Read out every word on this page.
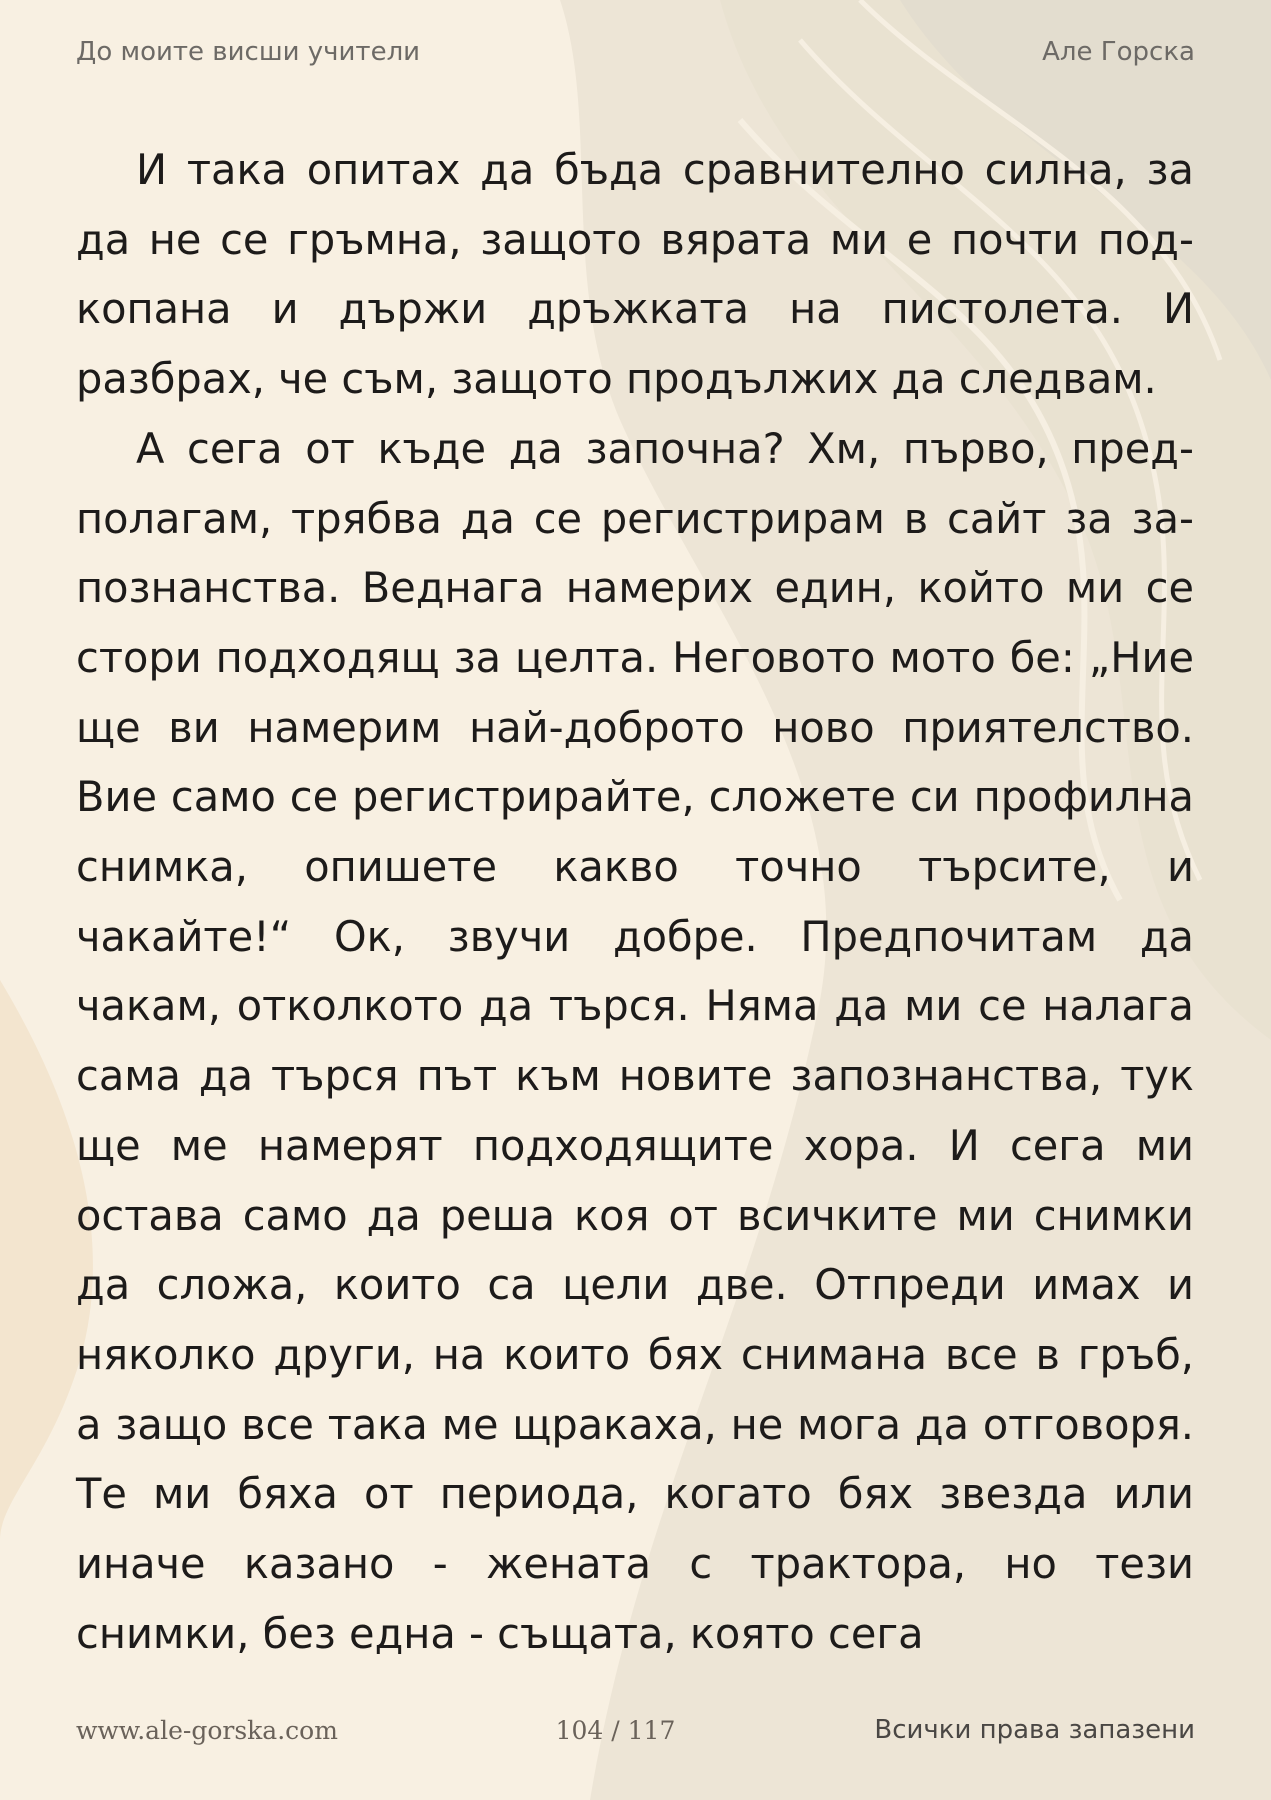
До моите висши учители	Але Горска

И така опитах да бъда сравнително силна, за да не се гръмна, защото вярата ми е почти подкопана и държи дръжката на пистолета. И разбрах, че съм, защото продължих да следвам.

А сега от къде да започна? Хм, първо, предполагам, трябва да се регистрирам в сайт за запознанства. Веднага намерих един, който ми се стори подходящ за целта. Неговото мото бе: „Ние ще ви намерим най-доброто ново приятелство. Вие само се регистрирайте, сложете си профилна снимка, опишете какво точно търсите, и чакайте!“ Ок, звучи добре. Предпочитам да чакам, отколкото да търся. Няма да ми се налага сама да търся път към новите запознанства, тук ще ме намерят подходящите хора. И сега ми остава само да реша коя от всичките ми снимки да сложа, които са цели две. Отпреди имах и няколко други, на които бях снимана все в гръб, а защо все така ме щракаха, не мога да отговоря. Те ми бяха от периода, когато бях звезда или иначе казано - жената с трактора, но тези снимки, без една - същата, която сега

www.ale-gorska.com	104 / 117	Всички права запазени
